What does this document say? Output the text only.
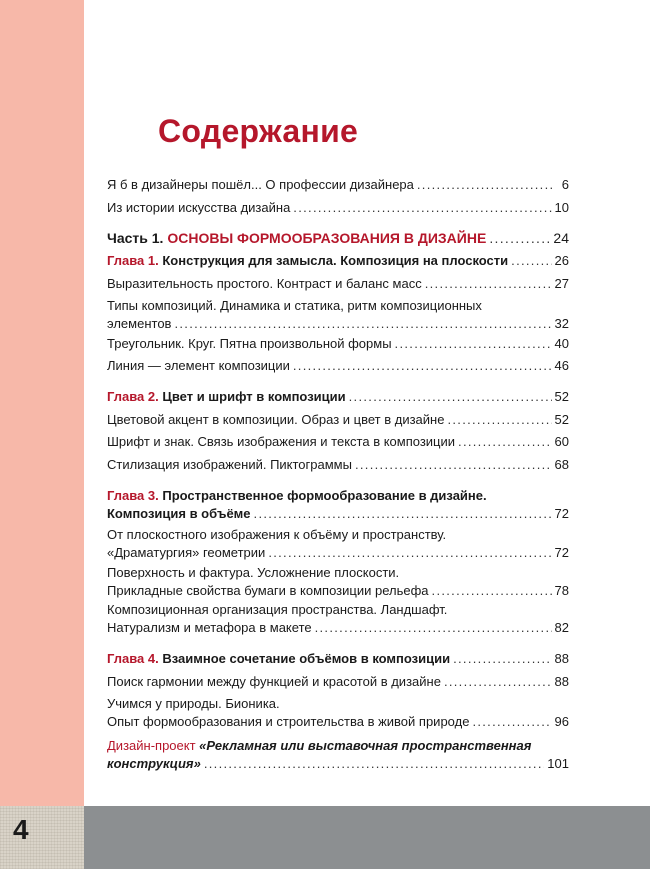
4
Содержание
Я б в дизайнеры пошёл... О профессии дизайнера .....	6
Из истории искусства дизайна .....	10
Часть 1. ОСНОВЫ ФОРМООБРАЗОВАНИЯ В ДИЗАЙНЕ .....	24
Глава 1. Конструкция для замысла. Композиция на плоскости .....	26
Выразительность простого. Контраст и баланс масс .....	27
Типы композиций. Динамика и статика, ритм композиционных
элементов .....	32
Треугольник. Круг. Пятна произвольной формы .....	40
Линия — элемент композиции .....	46
Глава 2. Цвет и шрифт в композиции .....	52
Цветовой акцент в композиции. Образ и цвет в дизайне .....	52
Шрифт и знак. Связь изображения и текста в композиции .....	60
Стилизация изображений. Пиктограммы .....	68
Глава 3. Пространственное формообразование в дизайне.
Композиция в объёме .....	72
От плоскостного изображения к объёму и пространству.
«Драматургия» геометрии .....	72
Поверхность и фактура. Усложнение плоскости.
Прикладные свойства бумаги в композиции рельефа .....	78
Композиционная организация пространства. Ландшафт.
Натурализм и метафора в макете .....	82
Глава 4. Взаимное сочетание объёмов в композиции .....	88
Поиск гармонии между функцией и красотой в дизайне .....	88
Учимся у природы. Бионика.
Опыт формообразования и строительства в живой природе .....	96
Дизайн-проект «Рекламная или выставочная пространственная
конструкция» .....	101
